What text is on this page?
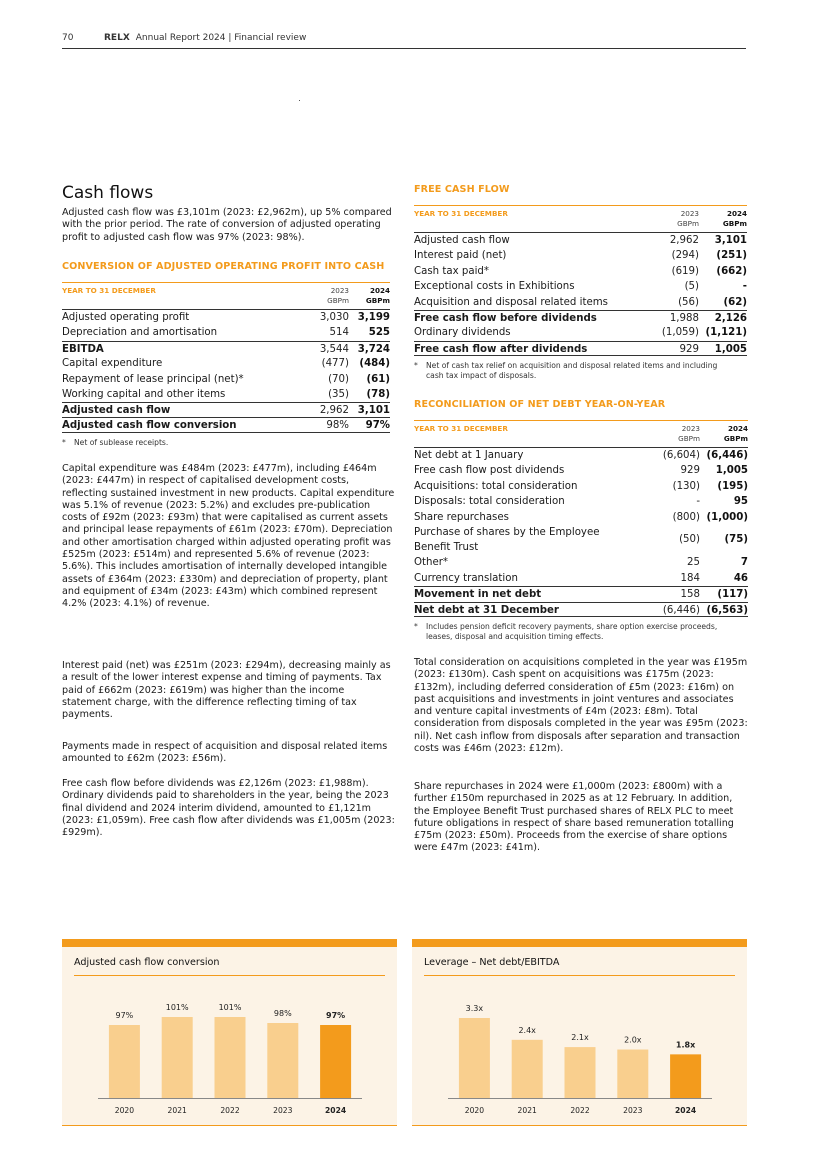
70	RELX Annual Report 2024 | Financial review
Cash flows
Adjusted cash flow was £3,101m (2023: £2,962m), up 5% compared with the prior period. The rate of conversion of adjusted operating profit to adjusted cash flow was 97% (2023: 98%).
CONVERSION OF ADJUSTED OPERATING PROFIT INTO CASH
YEAR TO 31 DECEMBER	2023
GBPm
2024
GBPm
Adjusted operating profit	3,030 3,199
Depreciation and amortisation	514 525
EBITDA	3,544 3,724
Capital expenditure	(477) (484)
Repayment of lease principal (net)*	(70) (61)
Working capital and other items	(35) (78)
Adjusted cash flow	2,962 3,101
Adjusted cash flow conversion	98% 97%
* Net of sublease receipts.
Capital expenditure was £484m (2023: £477m), including £464m (2023: £447m) in respect of capitalised development costs, reflecting sustained investment in new products. Capital expenditure was 5.1% of revenue (2023: 5.2%) and excludes pre-publication costs of £92m (2023: £93m) that were capitalised as current assets and principal lease repayments of £61m (2023: £70m). Depreciation and other amortisation charged within adjusted operating profit was £525m (2023: £514m) and represented 5.6% of revenue (2023: 5.6%). This includes amortisation of internally developed intangible assets of £364m (2023: £330m) and depreciation of property, plant and equipment of £34m (2023: £43m) which combined represent 4.2% (2023: 4.1%) of revenue.
Interest paid (net) was £251m (2023: £294m), decreasing mainly as a result of the lower interest expense and timing of payments. Tax paid of £662m (2023: £619m) was higher than the income statement charge, with the difference reflecting timing of tax payments.
Payments made in respect of acquisition and disposal related items amounted to £62m (2023: £56m).
Free cash flow before dividends was £2,126m (2023: £1,988m). Ordinary dividends paid to shareholders in the year, being the 2023 final dividend and 2024 interim dividend, amounted to £1,121m (2023: £1,059m). Free cash flow after dividends was £1,005m (2023: £929m).
FREE CASH FLOW
YEAR TO 31 DECEMBER	2023
GBPm
2024
GBPm
Adjusted cash flow	2,962 3,101
Interest paid (net)	(294) (251)
Cash tax paid*	(619) (662)
Exceptional costs in Exhibitions	(5)	-
Acquisition and disposal related items	(56) (62)
Free cash flow before dividends	1,988 2,126
Ordinary dividends	(1,059) (1,121)
Free cash flow after dividends	929 1,005
* Net of cash tax relief on acquisition and disposal related items and including cash tax impact of disposals.
RECONCILIATION OF NET DEBT YEAR-ON-YEAR
YEAR TO 31 DECEMBER	2023
GBPm
2024
GBPm
Net debt at 1 January	(6,604) (6,446)
Free cash flow post dividends	929 1,005
Acquisitions: total consideration	(130) (195)
Disposals: total consideration	-	95
Share repurchases	(800) (1,000)
Purchase of shares by the Employee Benefit Trust
(50) (75)
Other*	25	7
Currency translation	184	46
Movement in net debt	158 (117)
Net debt at 31 December	(6,446) (6,563)
* Includes pension deficit recovery payments, share option exercise proceeds, leases, disposal and acquisition timing effects.
Total consideration on acquisitions completed in the year was £195m (2023: £130m). Cash spent on acquisitions was £175m (2023: £132m), including deferred consideration of £5m (2023: £16m) on past acquisitions and investments in joint ventures and associates and venture capital investments of £4m (2023: £8m). Total consideration from disposals completed in the year was £95m (2023: nil). Net cash inflow from disposals after separation and transaction costs was £46m (2023: £12m).
Share repurchases in 2024 were £1,000m (2023: £800m) with a further £150m repurchased in 2025 as at 12 February. In addition, the Employee Benefit Trust purchased shares of RELX PLC to meet future obligations in respect of share based remuneration totalling £75m (2023: £50m). Proceeds from the exercise of share options were £47m (2023: £41m).
Adjusted cash flow conversion
97%
2020
101%
2021
101%
2022
98%
2023
97%
2024
Leverage – Net debt/EBITDA
3.3x
2020
2.4x
2021
2.1x
2022
2.0x
2023
1.8x
2024
